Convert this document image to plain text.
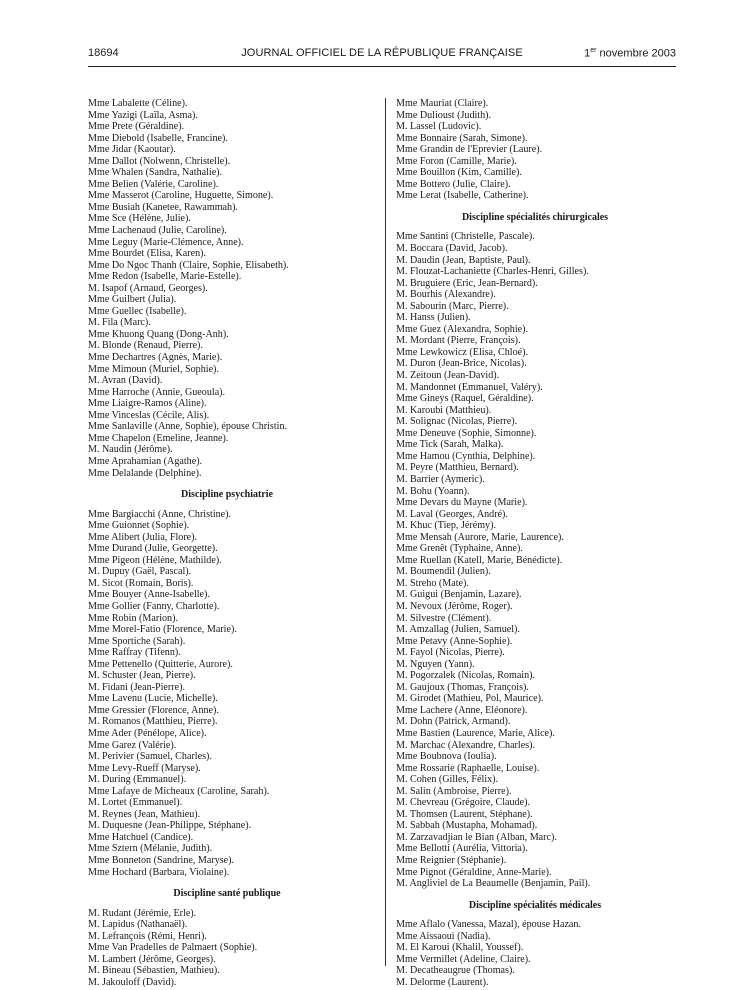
18694	JOURNAL OFFICIEL DE LA RÉPUBLIQUE FRANÇAISE	1er novembre 2003
Mme Labalette (Céline).
Mme Yazigi (Laïla, Asma).
Mme Prete (Géraldine).
Mme Diebold (Isabelle, Francine).
Mme Jidar (Kaoutar).
Mme Dallot (Nolwenn, Christelle).
Mme Whalen (Sandra, Nathalie).
Mme Belien (Valérie, Caroline).
Mme Masserot (Caroline, Huguette, Simone).
Mme Busiah (Kanetee, Rawammah).
Mme Sce (Hélène, Julie).
Mme Lachenaud (Julie, Caroline).
Mme Leguy (Marie-Clémence, Anne).
Mme Bourdet (Elisa, Karen).
Mme Do Ngoc Thanh (Claire, Sophie, Elisabeth).
Mme Redon (Isabelle, Marie-Estelle).
M. Isapof (Arnaud, Georges).
Mme Guilbert (Julia).
Mme Guellec (Isabelle).
M. Fila (Marc).
Mme Khuong Quang (Dong-Anh).
M. Blonde (Renaud, Pierre).
Mme Dechartres (Agnès, Marie).
Mme Mimoun (Muriel, Sophie).
M. Avran (David).
Mme Harroche (Annie, Gueoula).
Mme Liaigre-Ramos (Aline).
Mme Vinceslas (Cécile, Alis).
Mme Sanlaville (Anne, Sophie), épouse Christin.
Mme Chapelon (Emeline, Jeanne).
M. Naudin (Jérôme).
Mme Aprahamian (Agathe).
Mme Delalande (Delphine).
Discipline psychiatrie
Mme Bargiacchi (Anne, Christine).
Mme Guionnet (Sophie).
Mme Alibert (Julia, Flore).
Mme Durand (Julie, Georgette).
Mme Pigeon (Hélène, Mathilde).
M. Dupuy (Gaël, Pascal).
M. Sicot (Romain, Boris).
Mme Bouyer (Anne-Isabelle).
Mme Gollier (Fanny, Charlotte).
Mme Robin (Marion).
Mme Morel-Fatio (Florence, Marie).
Mme Sportiche (Sarah).
Mme Raffray (Tifenn).
Mme Pettenello (Quitterie, Aurore).
M. Schuster (Jean, Pierre).
M. Fidani (Jean-Pierre).
Mme Lavenu (Lucie, Michelle).
Mme Gressier (Florence, Anne).
M. Romanos (Matthieu, Pierre).
Mme Ader (Pénélope, Alice).
Mme Garez (Valérie).
M. Perivier (Samuel, Charles).
Mme Levy-Rueff (Maryse).
M. During (Emmanuel).
Mme Lafaye de Micheaux (Caroline, Sarah).
M. Lortet (Emmanuel).
M. Reynes (Jean, Mathieu).
M. Duquesne (Jean-Philippe, Stéphane).
Mme Hatchuel (Candice).
Mme Sztern (Mélanie, Judith).
Mme Bonneton (Sandrine, Maryse).
Mme Hochard (Barbara, Violaine).
Discipline santé publique
M. Rudant (Jérémie, Erle).
M. Lapidus (Nathanaël).
M. Lefrançois (Rémi, Henri).
Mme Van Pradelles de Palmaert (Sophie).
M. Lambert (Jérôme, Georges).
M. Bineau (Sébastien, Mathieu).
M. Jakoulоff (David).
Mme Mauriat (Claire).
Mme Dulioust (Judith).
M. Lassel (Ludovic).
Mme Bonnaire (Sarah, Simone).
Mme Grandin de l'Eprevier (Laure).
Mme Foron (Camille, Marie).
Mme Bouillon (Kim, Camille).
Mme Bottero (Julie, Claire).
Mme Lerat (Isabelle, Catherine).
Discipline spécialités chirurgicales
Mme Santini (Christelle, Pascale).
M. Boccara (David, Jacob).
M. Daudin (Jean, Baptiste, Paul).
M. Flouzat-Lachaniette (Charles-Henri, Gilles).
M. Bruguiere (Eric, Jean-Bernard).
M. Bourhis (Alexandre).
M. Sabourin (Marc, Pierre).
M. Hanss (Julien).
Mme Guez (Alexandra, Sophie).
M. Mordant (Pierre, François).
Mme Lewkowicz (Elisa, Chloé).
M. Duron (Jean-Brice, Nicolas).
M. Zeitoun (Jean-David).
M. Mandonnet (Emmanuel, Valéry).
Mme Gineys (Raquel, Géraldine).
M. Karoubi (Matthieu).
M. Solignac (Nicolas, Pierre).
Mme Deneuve (Sophie, Simonne).
Mme Tick (Sarah, Malka).
Mme Hamou (Cynthia, Delphine).
M. Peyre (Matthieu, Bernard).
M. Barrier (Aymeric).
M. Bohu (Yoann).
Mme Devars du Mayne (Marie).
M. Laval (Georges, André).
M. Khuc (Tiep, Jérémy).
Mme Mensah (Aurore, Marie, Laurence).
Mme Grenêt (Typhaine, Anne).
Mme Ruellan (Katell, Marie, Bénédicte).
M. Boumendil (Julien).
M. Streho (Mate).
M. Guigui (Benjamin, Lazare).
M. Nevoux (Jérôme, Roger).
M. Silvestre (Clément).
M. Amzallag (Julien, Samuel).
Mme Petavy (Anne-Sophie).
M. Fayol (Nicolas, Pierre).
M. Nguyen (Yann).
M. Pogorzalek (Nicolas, Romain).
M. Gaujoux (Thomas, François).
M. Girodet (Mathieu, Pol, Maurice).
Mme Lachere (Anne, Eléonore).
M. Dohn (Patrick, Armand).
Mme Bastien (Laurence, Marie, Alice).
M. Marchac (Alexandre, Charles).
Mme Boubnova (Ioulia).
Mme Rossarie (Raphaelle, Louise).
M. Cohen (Gilles, Félix).
M. Salin (Ambroise, Pierre).
M. Chevreau (Grégoire, Claude).
M. Thomsen (Laurent, Stéphane).
M. Sabbah (Mustapha, Mohamad).
M. Zarzavadjian le Bian (Alban, Marc).
Mme Bellotti (Aurélia, Vittoria).
Mme Reignier (Stéphanie).
Mme Pignot (Géraldine, Anne-Marie).
M. Angliviel de La Beaumelle (Benjamin, Pail).
Discipline spécialités médicales
Mme Aflalo (Vanessa, Mazal), épouse Hazan.
Mme Aissaoui (Nadia).
M. El Karoui (Khalil, Youssef).
Mme Vermillet (Adeline, Claire).
M. Decatheaugrue (Thomas).
M. Delorme (Laurent).
